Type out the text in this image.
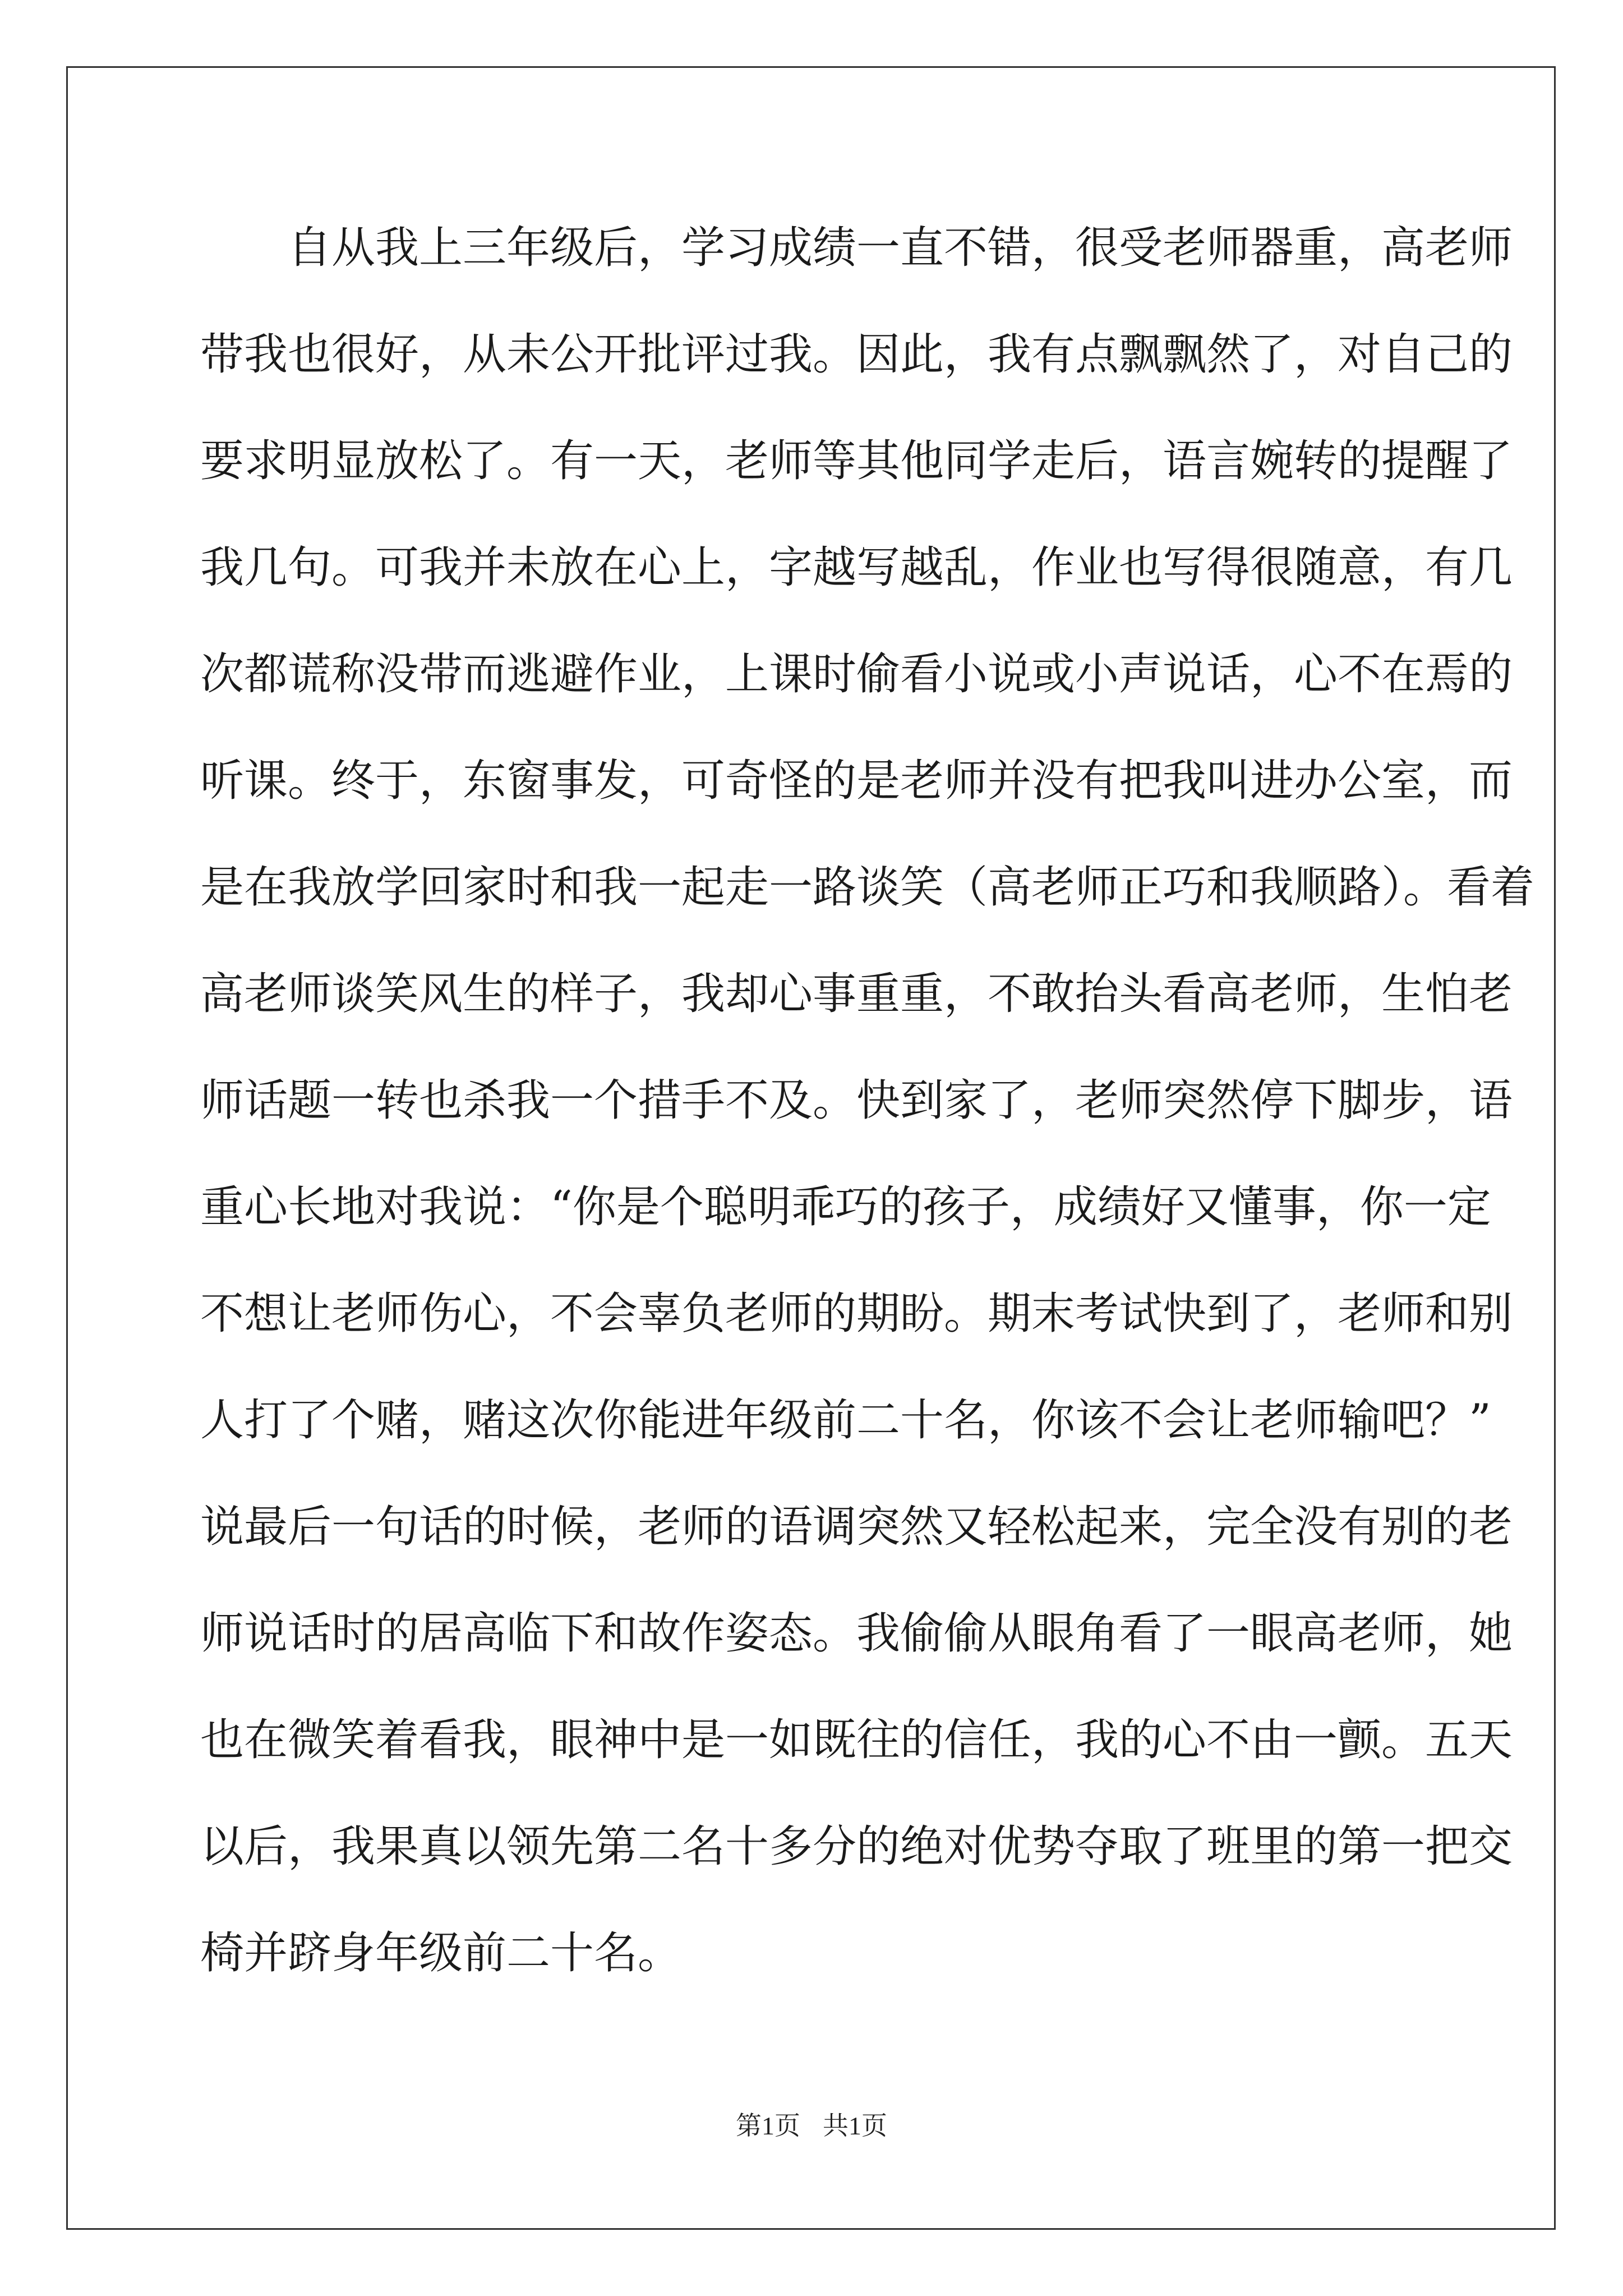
自从我上三年级后，学习成绩一直不错，很受老师器重，高老师
带我也很好，从未公开批评过我。因此，我有点飘飘然了，对自己的
要求明显放松了。有一天，老师等其他同学走后，语言婉转的提醒了
我几句。可我并未放在心上，字越写越乱，作业也写得很随意，有几
次都谎称没带而逃避作业，上课时偷看小说或小声说话，心不在焉的
听课。终于，东窗事发，可奇怪的是老师并没有把我叫进办公室，而
是在我放学回家时和我一起走一路谈笑（高老师正巧和我顺路）。看着
高老师谈笑风生的样子，我却心事重重，不敢抬头看高老师，生怕老
师话题一转也杀我一个措手不及。快到家了，老师突然停下脚步，语
重心长地对我说：“你是个聪明乖巧的孩子，成绩好又懂事，你一定
不想让老师伤心，不会辜负老师的期盼。期末考试快到了，老师和别
人打了个赌，赌这次你能进年级前二十名，你该不会让老师输吧？”
说最后一句话的时候，老师的语调突然又轻松起来，完全没有别的老
师说话时的居高临下和故作姿态。我偷偷从眼角看了一眼高老师，她
也在微笑着看我，眼神中是一如既往的信任，我的心不由一颤。五天
以后，我果真以领先第二名十多分的绝对优势夺取了班里的第一把交
椅并跻身年级前二十名。
第1页 共1页
